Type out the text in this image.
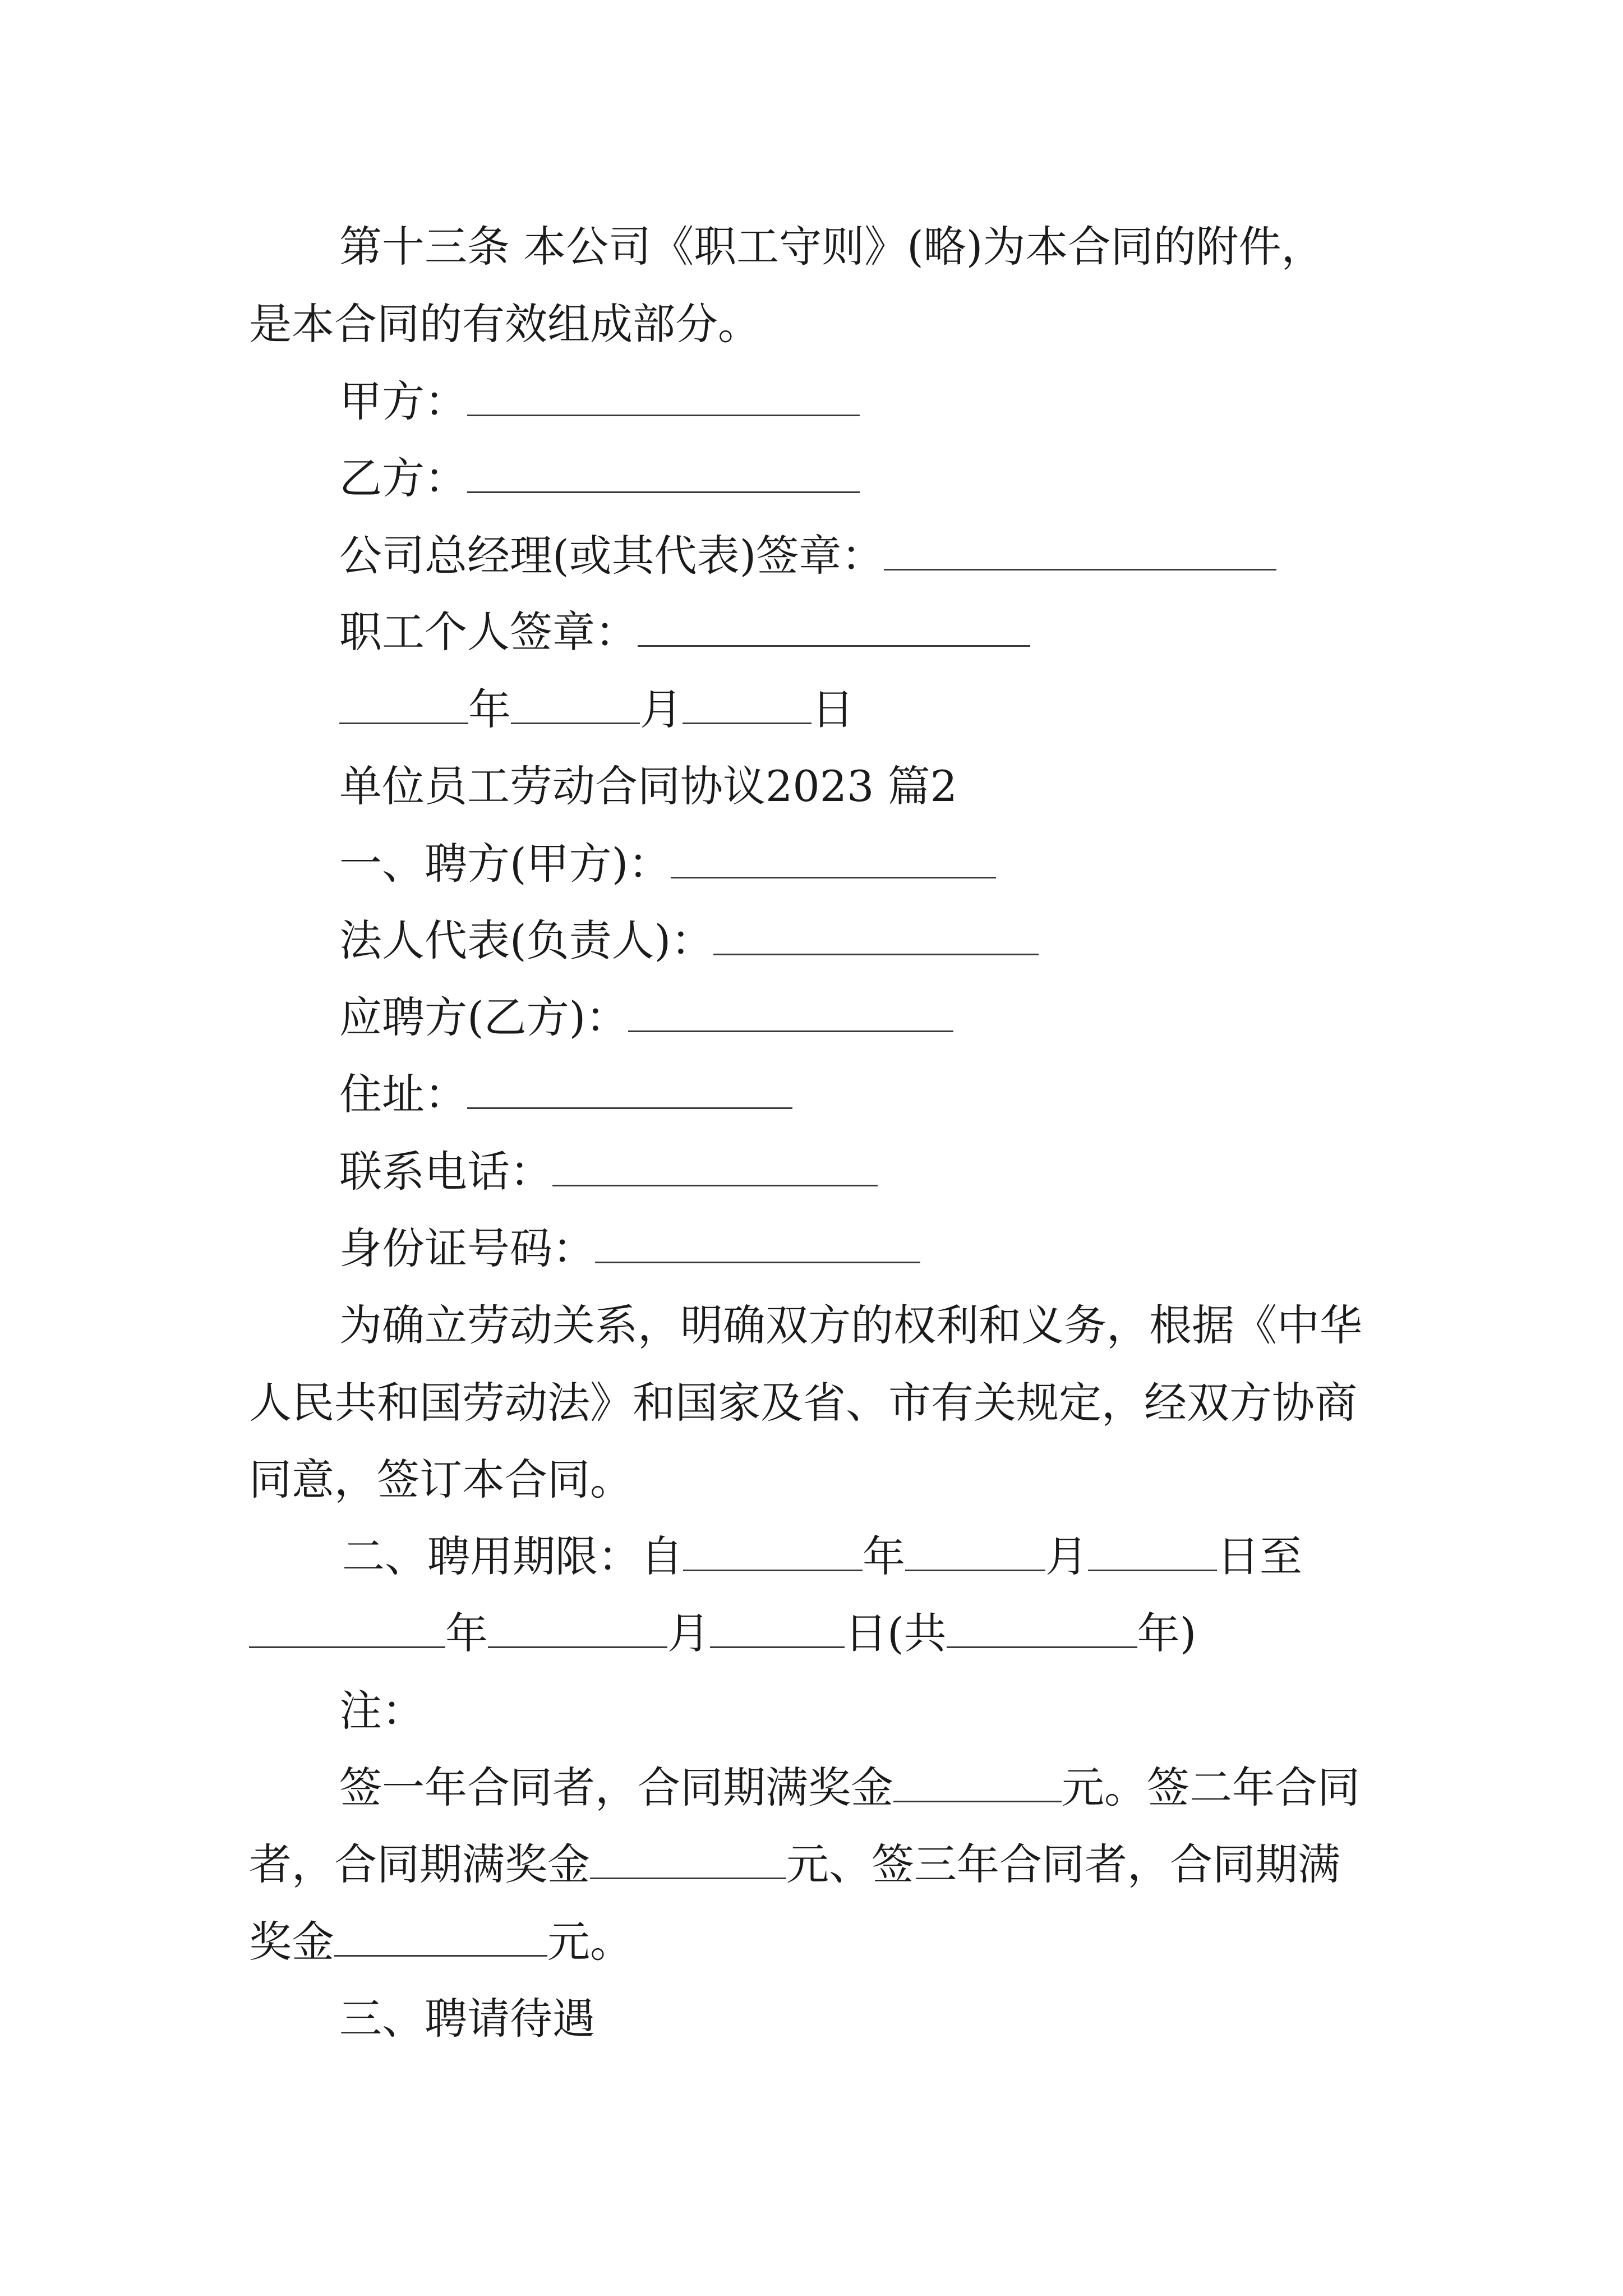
第十三条 本公司《职工守则》(略)为本合同的附件，
是本合同的有效组成部分。
甲方：
乙方：
公司总经理(或其代表)签章：
职工个人签章：
年	月	日
单位员工劳动合同协议2023 篇2
一、聘方(甲方)：
法人代表(负责人)：
应聘方(乙方)：
住址：
联系电话：
身份证号码：
为确立劳动关系，明确双方的权利和义务，根据《中华
人民共和国劳动法》和国家及省、市有关规定，经双方协商
同意，签订本合同。
二、聘用期限：自	年	月	日至
年	月	日(共	年)
注：
签一年合同者，合同期满奖金	元。签二年合同
者，合同期满奖金	元、签三年合同者，合同期满
奖金	元。
三、聘请待遇
